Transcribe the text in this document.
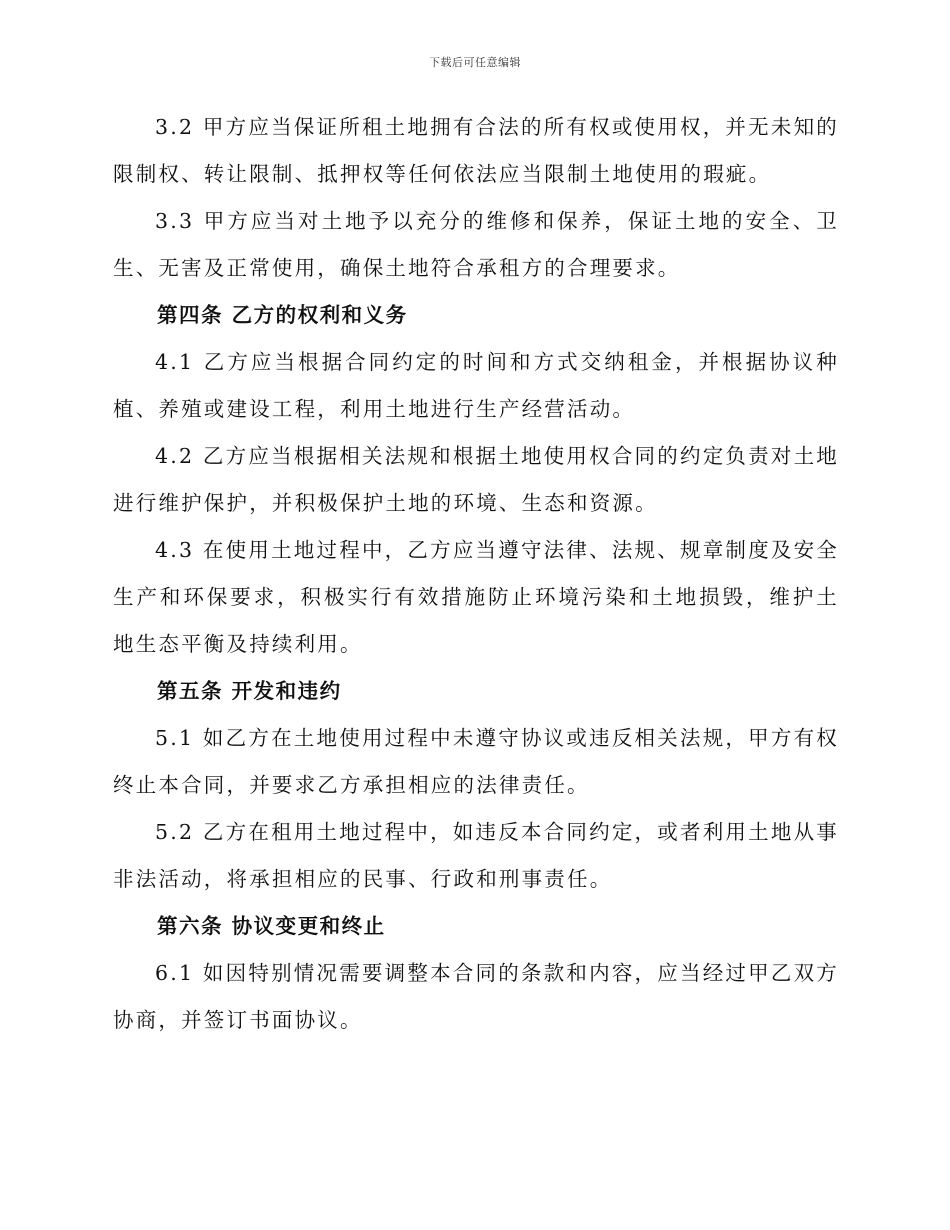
下载后可任意编辑

3.2 甲方应当保证所租土地拥有合法的所有权或使用权，并无未知的限制权、转让限制、抵押权等任何依法应当限制土地使用的瑕疵。

3.3 甲方应当对土地予以充分的维修和保养，保证土地的安全、卫生、无害及正常使用，确保土地符合承租方的合理要求。

第四条 乙方的权利和义务

4.1 乙方应当根据合同约定的时间和方式交纳租金，并根据协议种植、养殖或建设工程，利用土地进行生产经营活动。

4.2 乙方应当根据相关法规和根据土地使用权合同的约定负责对土地进行维护保护，并积极保护土地的环境、生态和资源。

4.3 在使用土地过程中，乙方应当遵守法律、法规、规章制度及安全生产和环保要求，积极实行有效措施防止环境污染和土地损毁，维护土地生态平衡及持续利用。

第五条 开发和违约

5.1 如乙方在土地使用过程中未遵守协议或违反相关法规，甲方有权终止本合同，并要求乙方承担相应的法律责任。

5.2 乙方在租用土地过程中，如违反本合同约定，或者利用土地从事非法活动，将承担相应的民事、行政和刑事责任。

第六条 协议变更和终止

6.1 如因特别情况需要调整本合同的条款和内容，应当经过甲乙双方协商，并签订书面协议。
